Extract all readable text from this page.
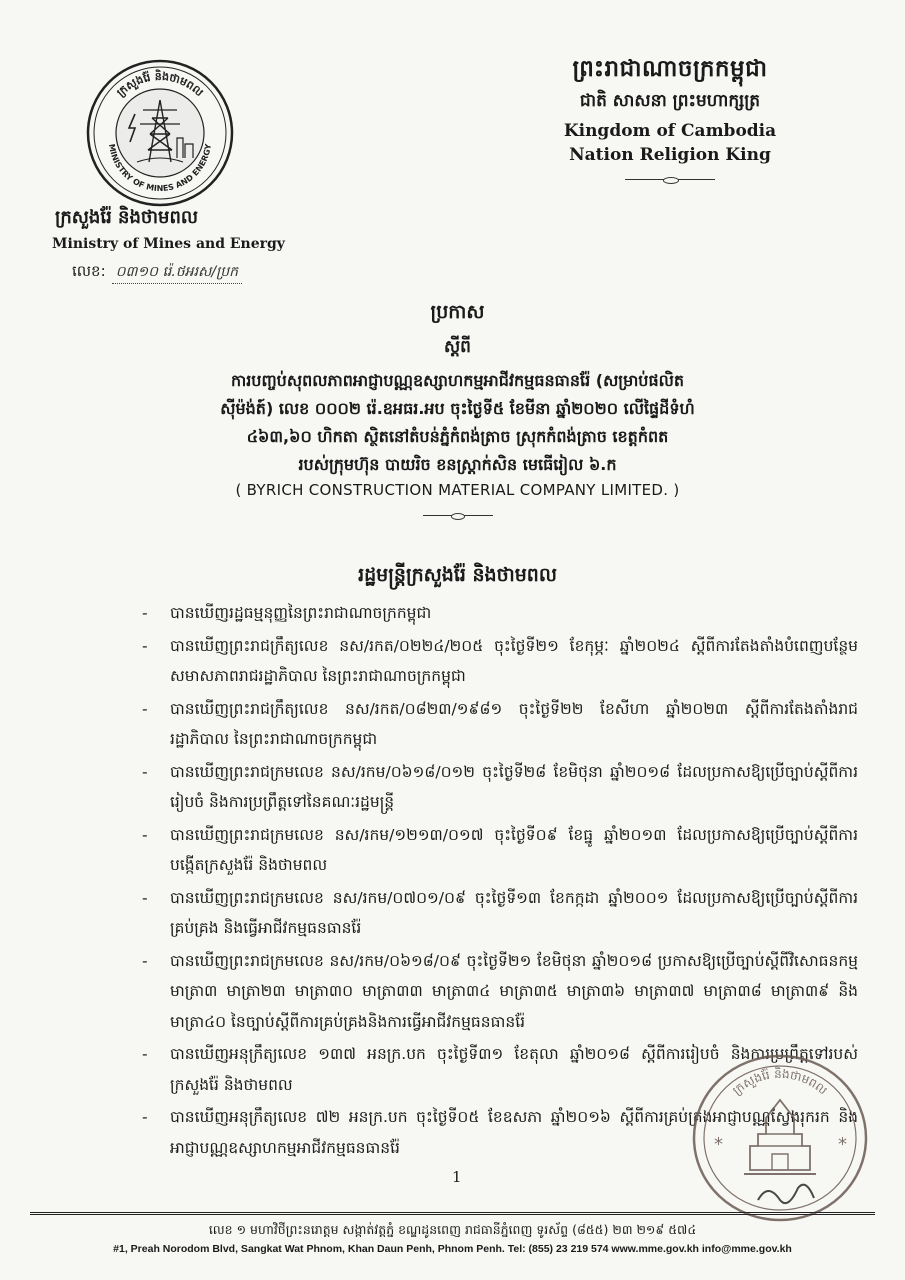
ក្រសួងរ៉ែ និងថាមពល
MINISTRY OF MINES AND ENERGY
ក្រសួងរ៉ែ និងថាមពល
Ministry of Mines and Energy
លេខ: ០៣១០ រ៉េ.ថអរស/ប្រក
ព្រះរាជាណាចក្រកម្ពុជា
ជាតិ សាសនា ព្រះមហាក្សត្រ
Kingdom of Cambodia
Nation Religion King
ប្រកាស
ស្តីពី
ការបញ្ចប់សុពលភាពអាជ្ញាបណ្ណឧស្សាហកម្មអាជីវកម្មធនធានរ៉ែ (សម្រាប់ផលិត
ស៊ីម៉ង់ត៍) លេខ ០០០២ រ៉េ.ឧអធរ.អប ចុះថ្ងៃទី៥ ខែមីនា ឆ្នាំ២០២០ លើផ្ទៃដីទំហំ
៤៦៣,៦០ ហិកតា ស្ថិតនៅតំបន់ភ្នំកំពង់ត្រាច ស្រុកកំពង់ត្រាច ខេត្តកំពត
របស់ក្រុមហ៊ុន បាយរិច ខនស្ត្រាក់សិន មេធើរៀល ៦.ក
( BYRICH CONSTRUCTION MATERIAL COMPANY LIMITED. )
រដ្ឋមន្ត្រីក្រសួងរ៉ែ និងថាមពល
- បានឃើញរដ្ឋធម្មនុញ្ញនៃព្រះរាជាណាចក្រកម្ពុជា
- បានឃើញព្រះរាជក្រឹត្យលេខ នស/រកត/០២២៤/២០៥ ចុះថ្ងៃទី២១ ខែកុម្ភៈ ឆ្នាំ២០២៤ ស្តីពីការតែងតាំងបំពេញបន្ថែមសមាសភាពរាជរដ្ឋាភិបាល នៃព្រះរាជាណាចក្រកម្ពុជា
- បានឃើញព្រះរាជក្រឹត្យលេខ នស/រកត/០៨២៣/១៩៨១ ចុះថ្ងៃទី២២ ខែសីហា ឆ្នាំ២០២៣ ស្តីពីការតែងតាំងរាជរដ្ឋាភិបាល នៃព្រះរាជាណាចក្រកម្ពុជា
- បានឃើញព្រះរាជក្រមលេខ នស/រកម/០៦១៨/០១២ ចុះថ្ងៃទី២៨ ខែមិថុនា ឆ្នាំ២០១៨ ដែលប្រកាសឱ្យប្រើច្បាប់ស្តីពីការរៀបចំ និងការប្រព្រឹត្តទៅនៃគណៈរដ្ឋមន្ត្រី
- បានឃើញព្រះរាជក្រមលេខ នស/រកម/១២១៣/០១៧ ចុះថ្ងៃទី០៩ ខែធ្នូ ឆ្នាំ២០១៣ ដែលប្រកាសឱ្យប្រើច្បាប់ស្តីពីការបង្កើតក្រសួងរ៉ែ និងថាមពល
- បានឃើញព្រះរាជក្រមលេខ នស/រកម/០៧០១/០៩ ចុះថ្ងៃទី១៣ ខែកក្កដា ឆ្នាំ២០០១ ដែលប្រកាសឱ្យប្រើច្បាប់ស្តីពីការគ្រប់គ្រង និងធ្វើអាជីវកម្មធនធានរ៉ែ
- បានឃើញព្រះរាជក្រមលេខ នស/រកម/០៦១៨/០៩ ចុះថ្ងៃទី២១ ខែមិថុនា ឆ្នាំ២០១៨ ប្រកាសឱ្យប្រើច្បាប់ស្តីពីវិសោធនកម្មមាត្រា៣ មាត្រា២៣ មាត្រា៣០ មាត្រា៣៣ មាត្រា៣៤ មាត្រា៣៥ មាត្រា៣៦ មាត្រា៣៧ មាត្រា៣៨ មាត្រា៣៩ និងមាត្រា៤០ នៃច្បាប់ស្តីពីការគ្រប់គ្រងនិងការធ្វើអាជីវកម្មធនធានរ៉ែ
- បានឃើញអនុក្រឹត្យលេខ ១៣៧ អនក្រ.បក ចុះថ្ងៃទី៣១ ខែតុលា ឆ្នាំ២០១៨ ស្តីពីការរៀបចំ និងការប្រព្រឹត្តទៅរបស់ក្រសួងរ៉ែ និងថាមពល
- បានឃើញអនុក្រឹត្យលេខ ៧២ អនក្រ.បក ចុះថ្ងៃទី០៥ ខែឧសភា ឆ្នាំ២០១៦ ស្តីពីការគ្រប់គ្រងអាជ្ញាបណ្ណស្វែងរុករក និងអាជ្ញាបណ្ណឧស្សាហកម្មអាជីវកម្មធនធានរ៉ែ
ក្រសួងរ៉ែ និងថាមពល
*	*
1
លេខ ១ មហាវិថីព្រះនរោត្តម សង្កាត់វត្តភ្នំ ខណ្ឌដូនពេញ រាជធានីភ្នំពេញ ទូរស័ព្ទ (៨៥៥) ២៣ ២១៩ ៥៧៤
#1, Preah Norodom Blvd, Sangkat Wat Phnom, Khan Daun Penh, Phnom Penh. Tel: (855) 23 219 574 www.mme.gov.kh info@mme.gov.kh
